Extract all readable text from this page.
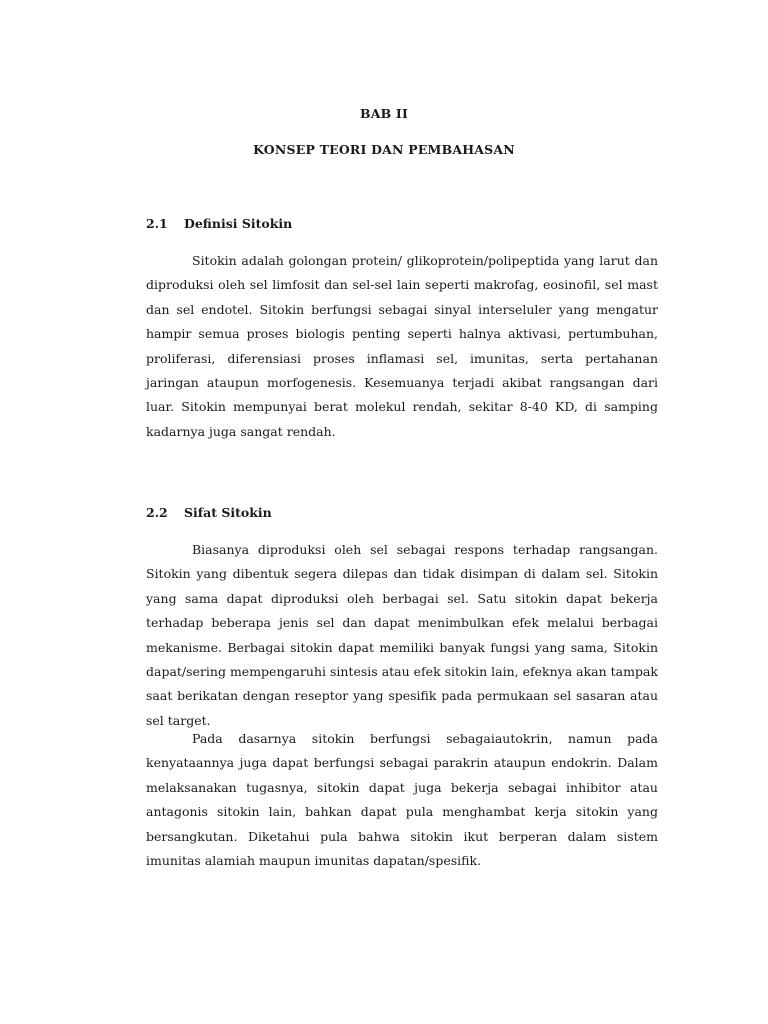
BAB II
KONSEP TEORI DAN PEMBAHASAN
2.1 Definisi Sitokin

Sitokin adalah golongan protein/ glikoprotein/polipeptida yang larut dan diproduksi oleh sel limfosit dan sel-sel lain seperti makrofag, eosinofil, sel mast dan sel endotel. Sitokin berfungsi sebagai sinyal interseluler yang mengatur hampir semua proses biologis penting seperti halnya aktivasi, pertumbuhan, proliferasi, diferensiasi proses inflamasi sel, imunitas, serta pertahanan jaringan ataupun morfogenesis. Kesemuanya terjadi akibat rangsangan dari luar. Sitokin mempunyai berat molekul rendah, sekitar 8-40 KD, di samping kadarnya juga sangat rendah.

2.2 Sifat Sitokin

Biasanya diproduksi oleh sel sebagai respons terhadap rangsangan. Sitokin yang dibentuk segera dilepas dan tidak disimpan di dalam sel. Sitokin yang sama dapat diproduksi oleh berbagai sel. Satu sitokin dapat bekerja terhadap beberapa jenis sel dan dapat menimbulkan efek melalui berbagai mekanisme. Berbagai sitokin dapat memiliki banyak fungsi yang sama, Sitokin dapat/sering mempengaruhi sintesis atau efek sitokin lain, efeknya akan tampak saat berikatan dengan reseptor yang spesifik pada permukaan sel sasaran atau sel target.

Pada dasarnya sitokin berfungsi sebagaiautokrin, namun pada kenyataannya juga dapat berfungsi sebagai parakrin ataupun endokrin. Dalam melaksanakan tugasnya, sitokin dapat juga bekerja sebagai inhibitor atau antagonis sitokin lain, bahkan dapat pula menghambat kerja sitokin yang bersangkutan. Diketahui pula bahwa sitokin ikut berperan dalam sistem imunitas alamiah maupun imunitas dapatan/spesifik.
